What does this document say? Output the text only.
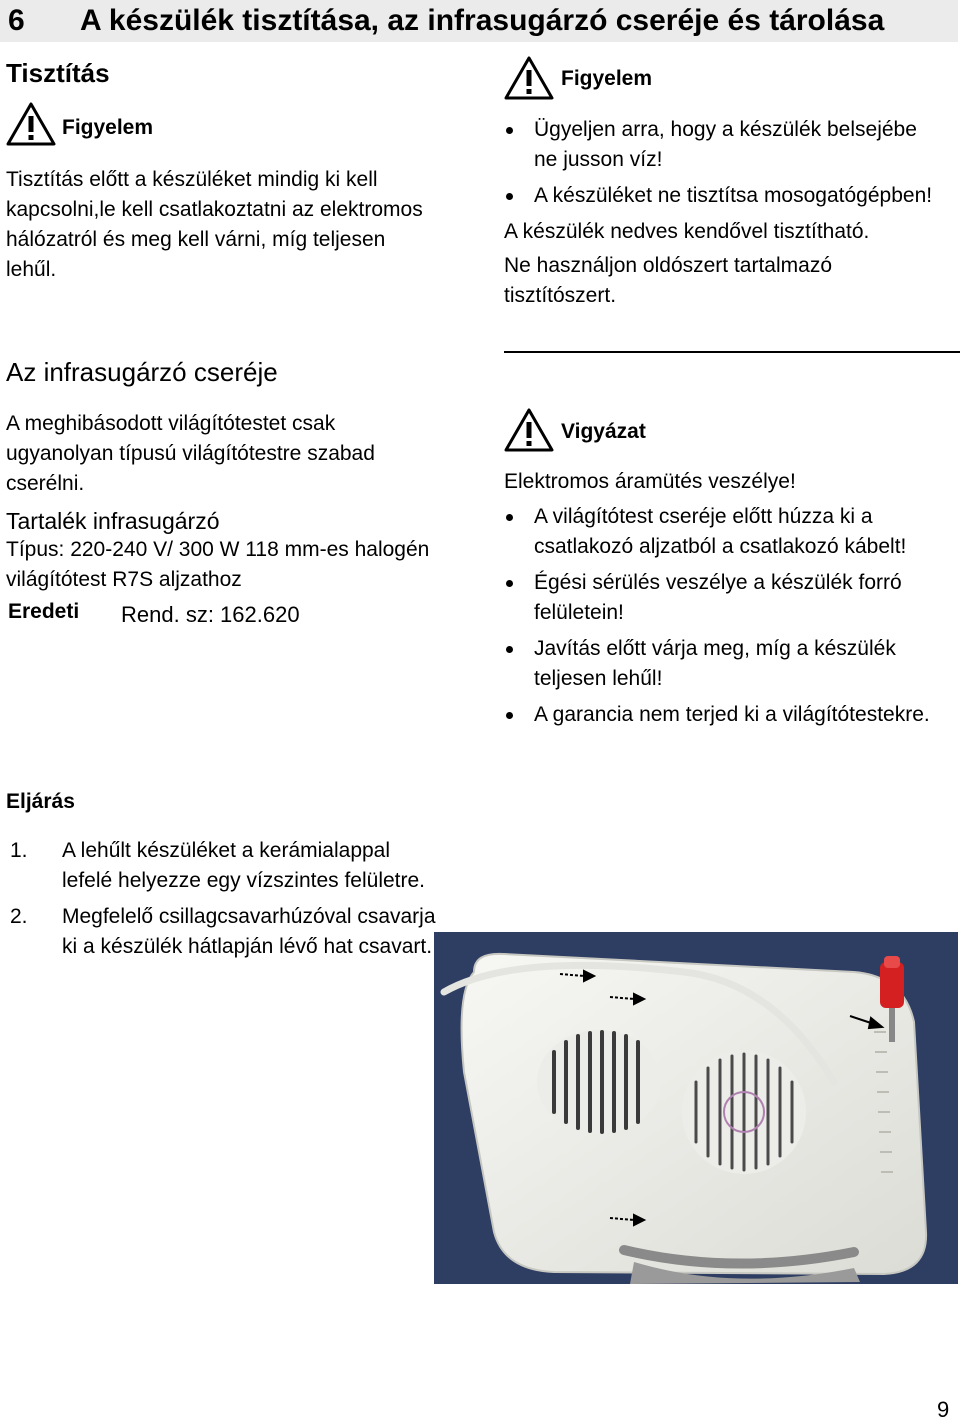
6 A készülék tisztítása, az infrasugárzó cseréje és tárolása
Tisztítás
Figyelem
Tisztítás előtt a készüléket mindig ki kell kapcsolni,le kell csatlakoztatni az elektromos hálózatról és meg kell várni, míg teljesen lehűl.
Figyelem
Ügyeljen arra, hogy a készülék belsejébe ne jusson víz!
A készüléket ne tisztítsa mosogatógépben!

A készülék nedves kendővel tisztítható.

Ne használjon oldószert tartalmazó tisztítószert.

Az infrasugárzó cseréje
A meghibásodott világítótestet csak ugyanolyan típusú világítótestre szabad cserélni.
Tartalék infrasugárzó
Típus: 220-240 V/ 300 W 118 mm-es halogén világítótest R7S aljzathoz
Eredeti Rend. sz: 162.620
Eljárás
1. A lehűlt készüléket a kerámialappal lefelé helyezze egy vízszintes felületre.
2. Megfelelő csillagcsavarhúzóval csavarja ki a készülék hátlapján lévő hat csavart.
Vigyázat
Elektromos áramütés veszélye!
A világítótest cseréje előtt húzza ki a csatlakozó aljzatból a csatlakozó kábelt!
Égési sérülés veszélye a készülék forró felületein!
Javítás előtt várja meg, míg a készülék teljesen lehűl!
A garancia nem terjed ki a világítótestekre.
9
